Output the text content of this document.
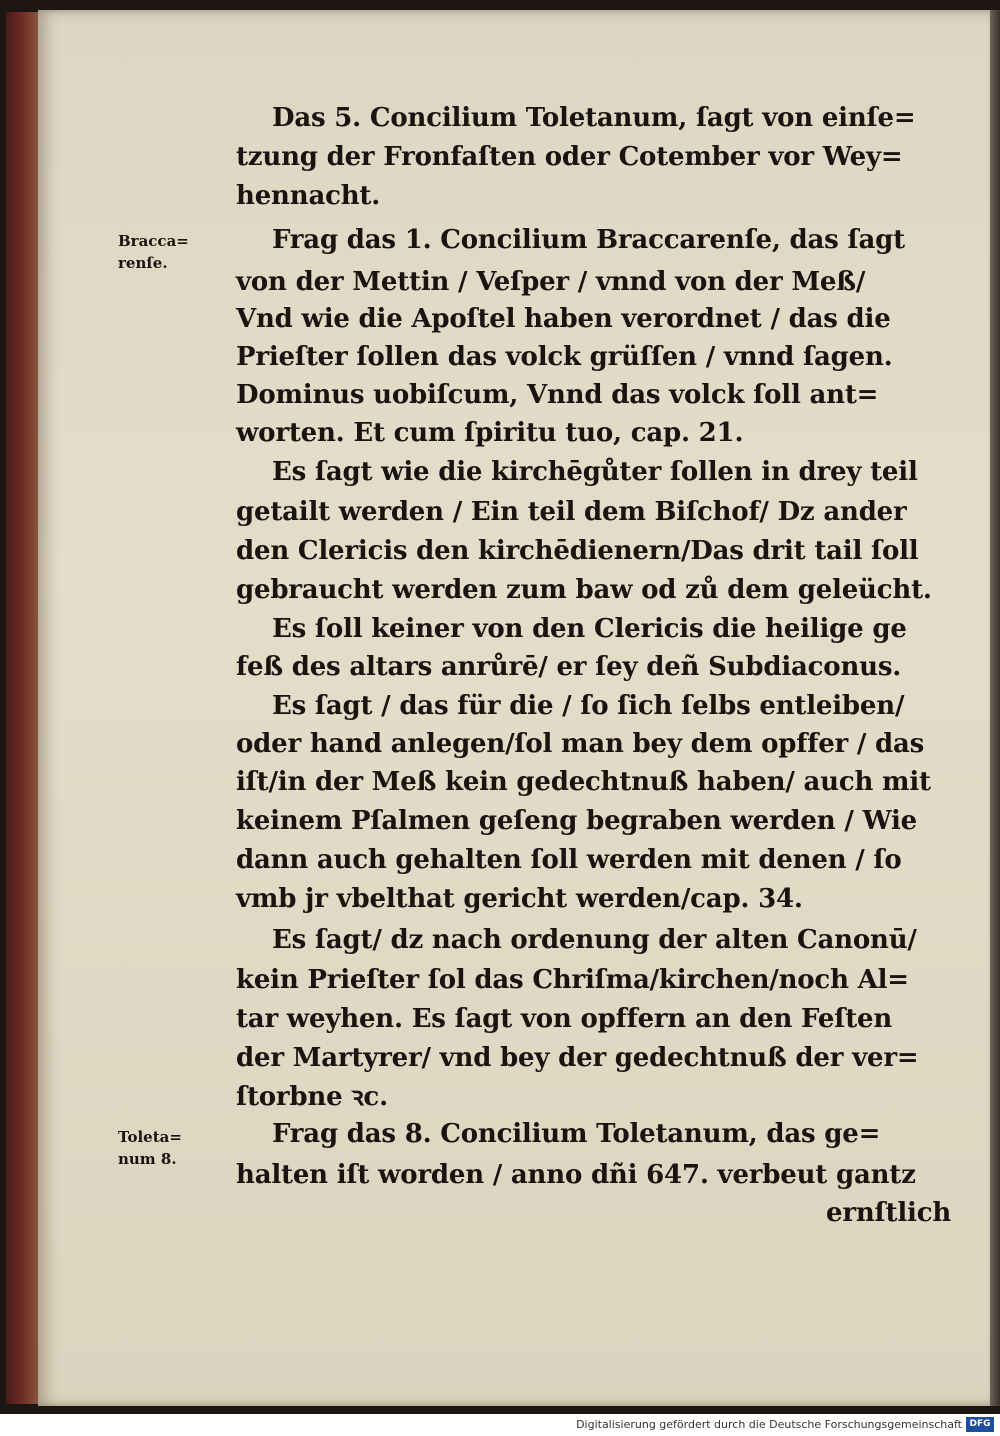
Das 5. Concilium Toletanum, ſagt von einſe=
tzung der Fronfaſten oder Cotember vor Wey=
hennacht.
Frag das 1. Concilium Braccarenſe, das ſagt
von der Mettin / Veſper / vnnd von der Meß/
Vnd wie die Apoſtel haben verordnet / das die
Prieſter ſollen das volck grüſſen / vnnd ſagen.
Dominus uobiſcum, Vnnd das volck ſoll ant=
worten. Et cum ſpiritu tuo, cap. 21.
Es ſagt wie die kirchēgůter ſollen in drey teil
getailt werden / Ein teil dem Biſchof/ Dz ander
den Clericis den kirchēdienern/Das drit tail ſoll
gebraucht werden zum baw od zů dem geleücht.
Es ſoll keiner von den Clericis die heilige ge
feß des altars anrůrē/ er ſey deñ Subdiaconus.
Es ſagt / das für die / ſo ſich ſelbs entleiben/
oder hand anlegen/ſol man bey dem opffer / das
iſt/in der Meß kein gedechtnuß haben/ auch mit
keinem Pſalmen geſeng begraben werden / Wie
dann auch gehalten ſoll werden mit denen / ſo
vmb jr vbelthat gericht werden/cap. 34.
Es ſagt/ dz nach ordenung der alten Canonū/
kein Prieſter ſol das Chriſma/kirchen/noch Al=
tar weyhen. Es ſagt von opffern an den Feſten
der Martyrer/ vnd bey der gedechtnuß der ver=
ſtorbne ꝛc.
Frag das 8. Concilium Toletanum, das ge=
halten iſt worden / anno dñi 647. verbeut gantz
ernſtlich
Bracca=
renſe.
Toleta=
num 8.
Digitalisierung gefördert durch die Deutsche Forschungsgemeinschaft DFG
